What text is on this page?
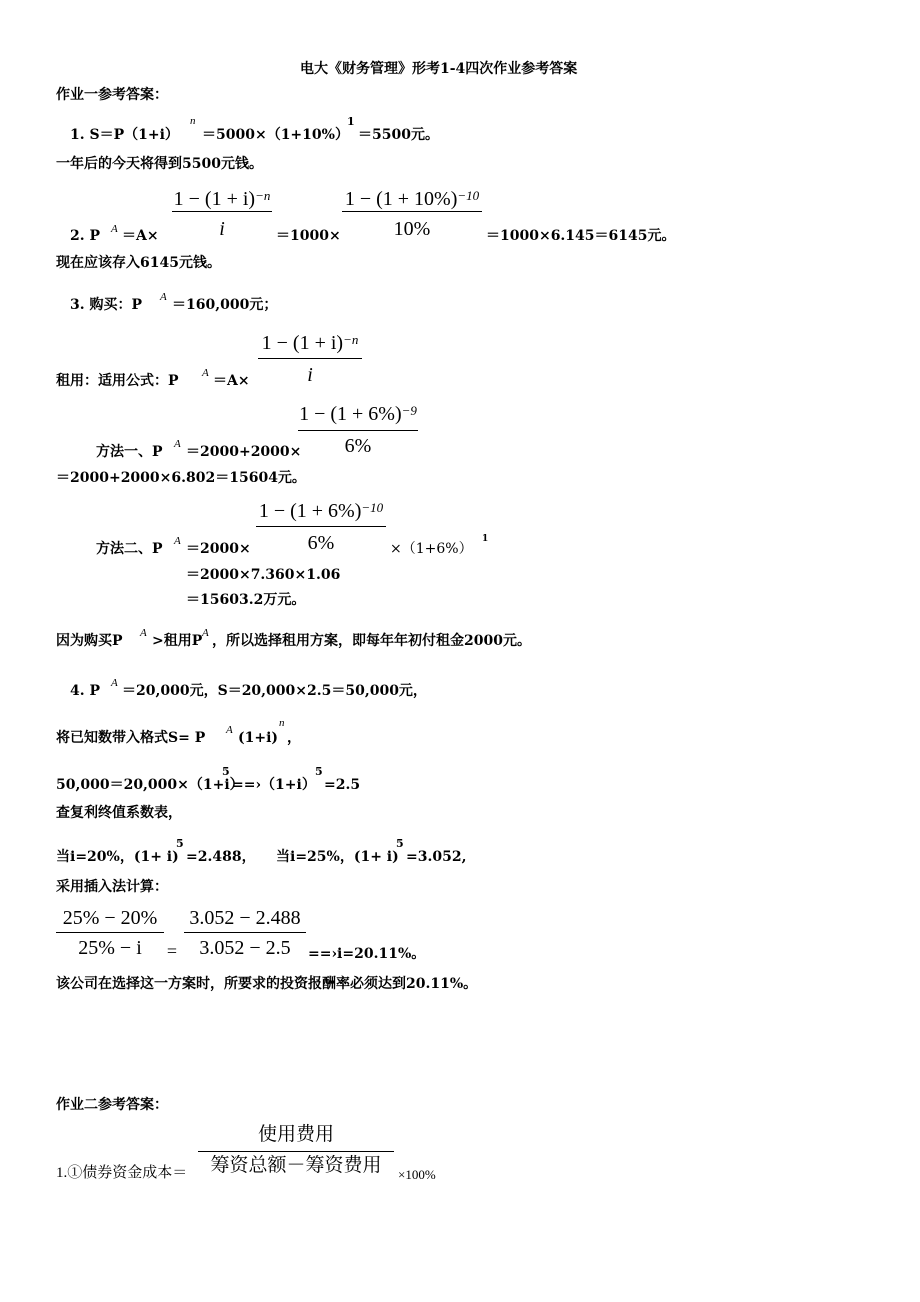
电大《财务管理》形考1-4四次作业参考答案
作业一参考答案：
1. S＝P（1+i）
n
＝5000×（1+10%）
1
＝5500元。
一年后的今天将得到5500元钱。
$1 - (1 + i)^{-n}$
i
$1 - (1 + 10\%)^{-10}$
10%
2. P A ＝A×	＝1000×	＝1000×6.145＝6145元。
现在应该存入6145元钱。
3. 购买：P A ＝160,000元；
$1 - (1 + i)^{-n}$
i
租用：适用公式：P A ＝A×
$1 - (1 + 6\%)^{-9}$
6%
方法一、P A ＝2000+2000×
＝2000+2000×6.802＝15604元。
$1 - (1 + 6\%)^{-10}$
6%
方法二、P A ＝2000×	×（1+6%）
1
＝2000×7.360×1.06
＝15603.2万元。
因为购买P A >租用P A ，所以选择租用方案，即每年年初付租金2000元。
4. P A ＝20,000元，S＝20,000×2.5＝50,000元，
将已知数带入格式S= P A (1+i)
n
，
50,000＝20,000×（1+i）
5
==›（1+i）
5
=2.5
查复利终值系数表，
当i=20%，(1+ i)
5
=2.488， 当i=25%，(1+ i)
5
=3.052,
采用插入法计算：
25% − 20%
25% − i	=
3.052 − 2.488
3.052 − 2.5	==›i=20.11%。
该公司在选择这一方案时，所要求的投资报酬率必须达到20.11%。
作业二参考答案：
使用费用
筹资总额－筹资费用
1.①债券资金成本＝	×100%
